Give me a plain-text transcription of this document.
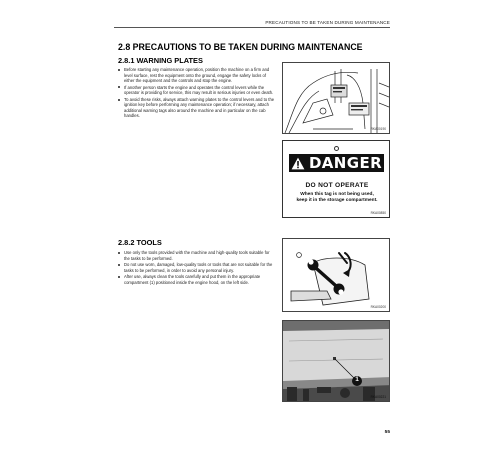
PRECAUTIONS TO BE TAKEN DURING MAINTENANCE
2.8 PRECAUTIONS TO BE TAKEN DURING MAINTENANCE
2.8.1 WARNING PLATES
Before starting any maintenance operation, position the machine on a firm and level surface, rest the equipment onto the ground, engage the safety locks of either the equipment and the controls and stop the engine.
If another person starts the engine and operates the control levers while the operator is providing for service, this may result in serious injuries or even death.
To avoid these risks, always attach warning plates to the control levers and to the ignition key before performing any maintenance operation; if necessary, attach additional warning tags also around the machine and in particular on the cab handles.
RKA00190
DANGER
DO NOT OPERATE
When this tag is not being used,
keep it in the storage compartment.
RKA00850
2.8.2 TOOLS
Use only the tools provided with the machine and high-quality tools suitable for the tasks to be performed.
Do not use worn, damaged, low-quality tools or tools that are not suitable for the tasks to be performed, in order to avoid any personal injury.
After use, always clean the tools carefully and put them in the appropriate compartment (1) positioned inside the engine hood, on the left side.
RKA00200
1
RKA00221
55
